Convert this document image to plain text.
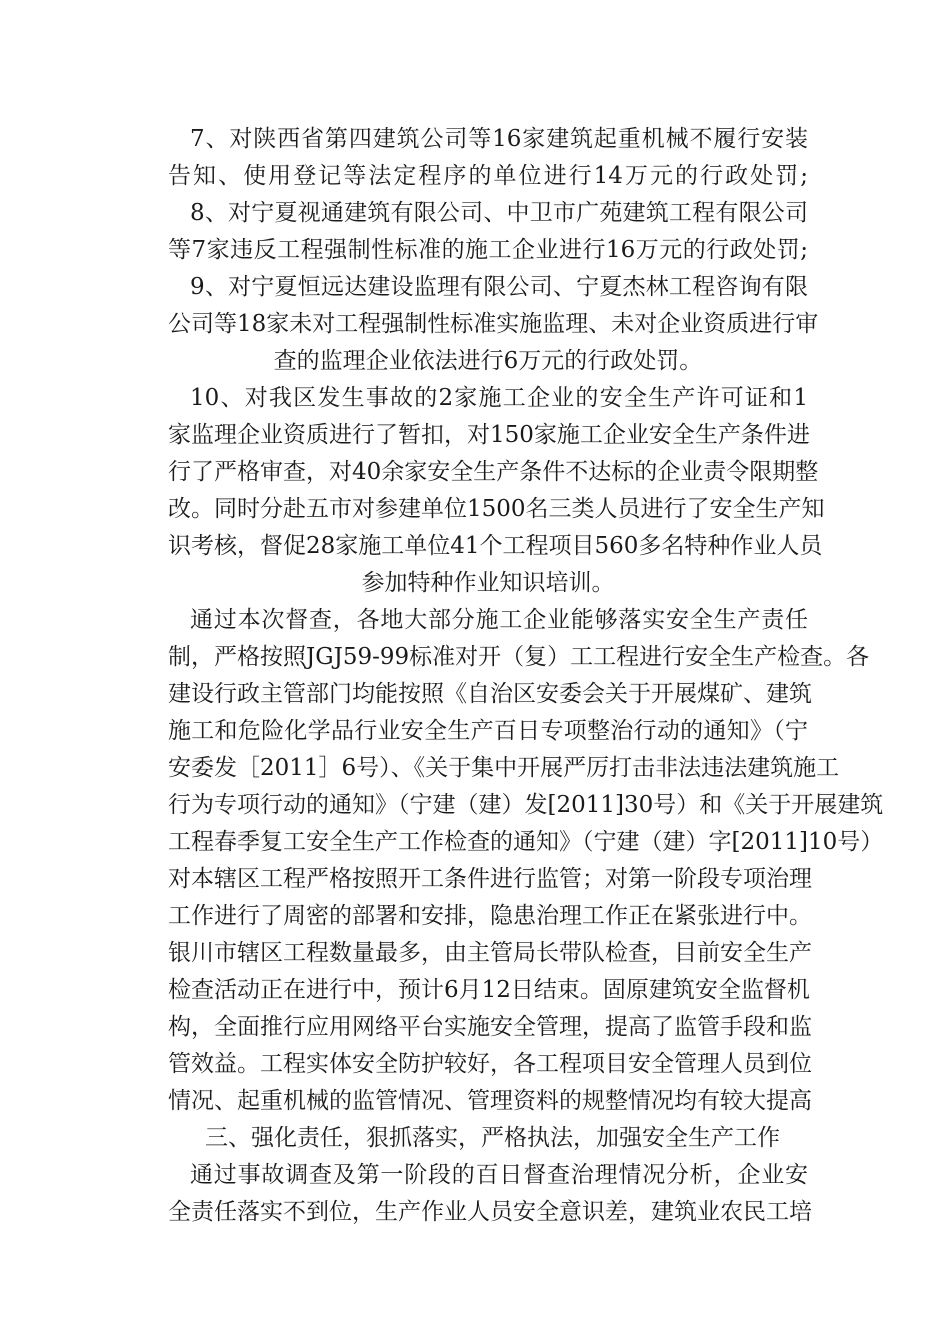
7、对陕西省第四建筑公司等16家建筑起重机械不履行安装
告知、使用登记等法定程序的单位进行14万元的行政处罚;
8、对宁夏视通建筑有限公司、中卫市广苑建筑工程有限公司
等7家违反工程强制性标准的施工企业进行16万元的行政处罚;
9、对宁夏恒远达建设监理有限公司、宁夏杰林工程咨询有限
公司等18家未对工程强制性标准实施监理、未对企业资质进行审
查的监理企业依法进行6万元的行政处罚。
10、对我区发生事故的2家施工企业的安全生产许可证和1
家监理企业资质进行了暂扣，对150家施工企业安全生产条件进
行了严格审查，对40余家安全生产条件不达标的企业责令限期整
改。同时分赴五市对参建单位1500名三类人员进行了安全生产知
识考核，督促28家施工单位41个工程项目560多名特种作业人员
参加特种作业知识培训。
通过本次督查，各地大部分施工企业能够落实安全生产责任
制，严格按照JGJ59-99标准对开（复）工工程进行安全生产检查。各
建设行政主管部门均能按照《自治区安委会关于开展煤矿、建筑
施工和危险化学品行业安全生产百日专项整治行动的通知》（宁
安委发［2011］6号）、《关于集中开展严厉打击非法违法建筑施工
行为专项行动的通知》（宁建（建）发[2011]30号）和《关于开展建筑
工程春季复工安全生产工作检查的通知》（宁建（建）字[2011]10号）
对本辖区工程严格按照开工条件进行监管；对第一阶段专项治理
工作进行了周密的部署和安排，隐患治理工作正在紧张进行中。
银川市辖区工程数量最多，由主管局长带队检查，目前安全生产
检查活动正在进行中，预计6月12日结束。固原建筑安全监督机
构，全面推行应用网络平台实施安全管理，提高了监管手段和监
管效益。工程实体安全防护较好，各工程项目安全管理人员到位
情况、起重机械的监管情况、管理资料的规整情况均有较大提高
三、强化责任，狠抓落实，严格执法，加强安全生产工作
通过事故调查及第一阶段的百日督查治理情况分析，企业安
全责任落实不到位，生产作业人员安全意识差，建筑业农民工培
